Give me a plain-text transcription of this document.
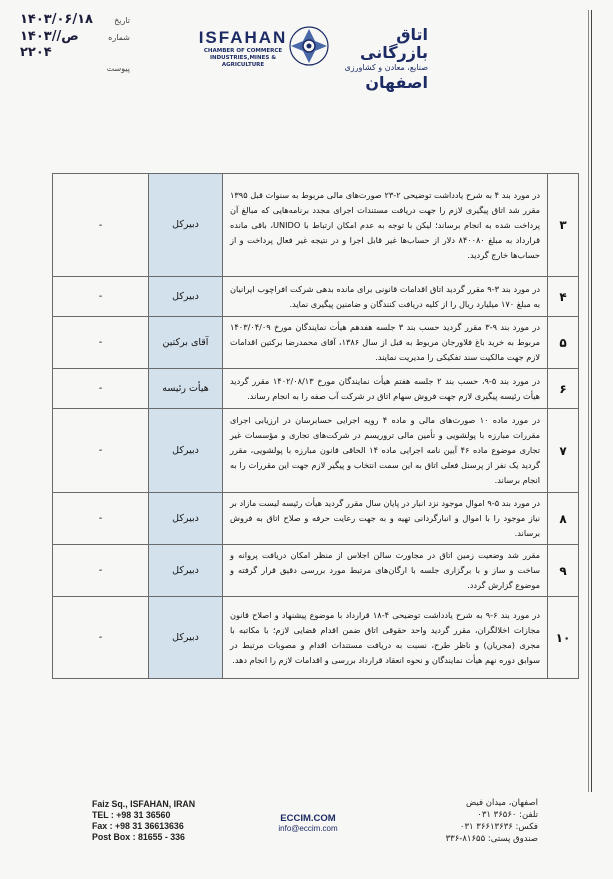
۱۴۰۳/۰۶/۱۸	تاریخ
۱۴۰۳/ص/۲۲۰۴
شماره
پیوست
ISFAHAN
CHAMBER OF COMMERCE
INDUSTRIES,MINES & AGRICULTURE
اتاق بازرگانی
صنایع، معادن و کشاورزی
اصفهان
۳	در مورد بند ۴ به شرح یادداشت توضیحی ۲-۲۳ صورت‌های مالی مربوط به سنوات قبل ۱۳۹۵ مقرر شد اتاق پیگیری لازم را جهت دریافت مستندات اجرای مجدد برنامه‌هایی که مبالغ آن پرداخت شده به انجام برساند؛ لیکن با توجه به عدم امکان ارتباط با UNIDO، باقی مانده قرارداد به مبلغ ۸۴۰۰۸۰ دلار از حساب‌ها غیر قابل اجرا و در نتیجه غیر فعال پرداخت و از حساب‌ها خارج گردید.	دبیرکل	-
۴	در مورد بند ۳-۹ مقرر گردید اتاق اقدامات قانونی برای مانده بدهی شرکت افراچوب ایرانیان به مبلغ ۱۷۰ میلیارد ریال را از کلیه دریافت کنندگان و ضامنین پیگیری نماید.	دبیرکل	-
۵	در مورد بند ۹-۳ مقرر گردید حسب بند ۳ جلسه هفدهم هیأت نمایندگان مورخ ۱۴۰۳/۰۴/۰۹ مربوط به خرید باغ فلاورجان مربوط به قبل از سال ۱۳۸۶، آقای محمدرضا برکتین اقدامات لازم جهت مالکیت سند تفکیکی را مدیریت نمایند.	آقای برکتین	-
۶	در مورد بند ۵-۹، حسب بند ۲ جلسه هفتم هیأت نمایندگان مورخ ۱۴۰۲/۰۸/۱۳ مقرر گردید هیأت رئیسه پیگیری لازم جهت فروش سهام اتاق در شرکت آب صفه را به انجام رساند.	هیأت رئیسه	-
۷	در مورد ماده ۱۰ صورت‌های مالی و ماده ۴ رویه اجرایی حسابرسان در ارزیابی اجرای مقررات مبارزه با پولشویی و تأمین مالی تروریسم در شرکت‌های تجاری و مؤسسات غیر تجاری موضوع ماده ۴۶ آیین نامه اجرایی ماده ۱۴ الحاقی قانون مبارزه با پولشویی، مقرر گردید یک نفر از پرسنل فعلی اتاق به این سمت انتخاب و پیگیر لازم جهت این مقررات را به انجام برساند.	دبیرکل	-
۸	در مورد بند ۵-۹ اموال موجود نزد انبار در پایان سال مقرر گردید هیأت رئیسه لیست مازاد بر نیاز موجود را با اموال و انبارگردانی تهیه و به جهت رعایت حرفه و صلاح اتاق به فروش برساند.	دبیرکل	-
۹	مقرر شد وضعیت زمین اتاق در مجاورت سالن اجلاس از منظر امکان دریافت پروانه و ساخت و ساز و با برگزاری جلسه با ارگان‌های مرتبط مورد بررسی دقیق قرار گرفته و موضوع گزارش گردد.	دبیرکل	-
۱۰	در مورد بند ۶-۹ به شرح یادداشت توضیحی ۴-۱۸ قرارداد با موضوع پیشنهاد و اصلاح قانون مجازات اخلالگران، مقرر گردید واحد حقوقی اتاق ضمن اقدام قضایی لازم؛ با مکاتبه با مجری (مجریان) و ناظر طرح، نسبت به دریافت مستندات اقدام و مصوبات مرتبط در سوابق دوره نهم هیأت نمایندگان و نحوه انعقاد قرارداد بررسی و اقدامات لازم را انجام دهد.	دبیرکل	-
Faiz Sq., ISFAHAN, IRAN
TEL : +98 31 36560
Fax : +98 31 36613636
Post Box : 81655 - 336
ECCIM.COM
info@eccim.com
اصفهان، میدان فیض
تلفن: ۳۶۵۶۰ ۰۳۱
فکس: ۳۶۶۱۳۶۳۶ ۰۳۱
صندوق پستی: ۸۱۶۵۵-۳۳۶
